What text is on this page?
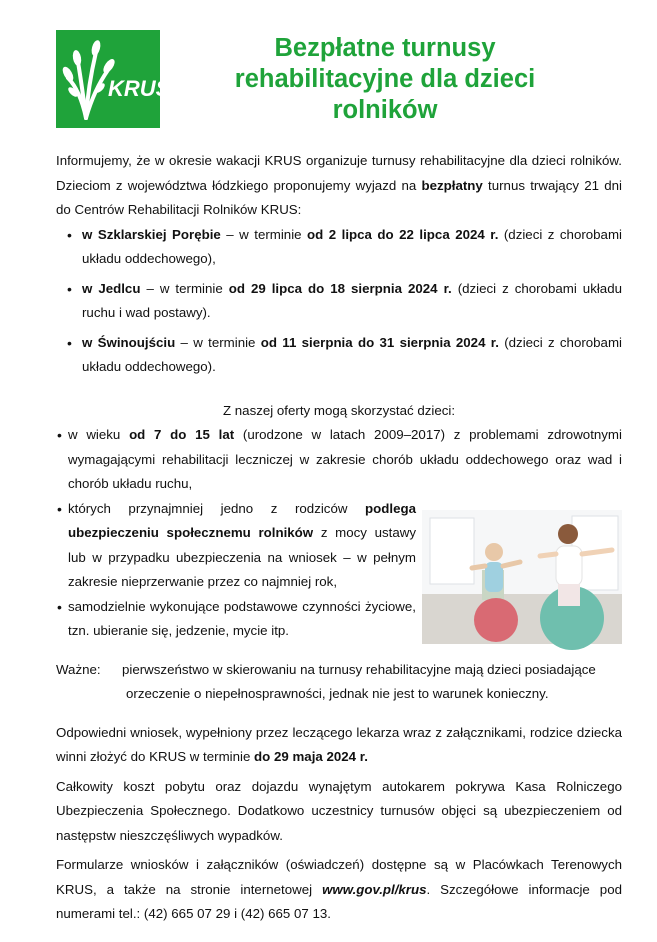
KRUS
Bezpłatne turnusy rehabilitacyjne dla dzieci rolników

Informujemy, że w okresie wakacji KRUS organizuje turnusy rehabilitacyjne dla dzieci rolników. Dzieciom z województwa łódzkiego proponujemy wyjazd na bezpłatny turnus trwający 21 dni do Centrów Rehabilitacji Rolników KRUS:

• w Szklarskiej Porębie – w terminie od 2 lipca do 22 lipca 2024 r. (dzieci z chorobami układu oddechowego),
• w Jedlcu – w terminie od 29 lipca do 18 sierpnia 2024 r. (dzieci z chorobami układu ruchu i wad postawy).
• w Świnoujściu – w terminie od 11 sierpnia do 31 sierpnia 2024 r. (dzieci z chorobami układu oddechowego).

Z naszej oferty mogą skorzystać dzieci:

• w wieku od 7 do 15 lat (urodzone w latach 2009–2017) z problemami zdrowotnymi wymagającymi rehabilitacji leczniczej w zakresie chorób układu oddechowego oraz wad i chorób układu ruchu,
• których przynajmniej jedno z rodziców podlega ubezpieczeniu społecznemu rolników z mocy ustawy lub w przypadku ubezpieczenia na wniosek – w pełnym zakresie nieprzerwanie przez co najmniej rok,
• samodzielnie wykonujące podstawowe czynności życiowe, tzn. ubieranie się, jedzenie, mycie itp.
Ważne:	pierwszeństwo w skierowaniu na turnusy rehabilitacyjne mają dzieci posiadające
orzeczenie o niepełnosprawności, jednak nie jest to warunek konieczny.

Odpowiedni wniosek, wypełniony przez leczącego lekarza wraz z załącznikami, rodzice dziecka winni złożyć do KRUS w terminie do 29 maja 2024 r.

Całkowity koszt pobytu oraz dojazdu wynajętym autokarem pokrywa Kasa Rolniczego Ubezpieczenia Społecznego. Dodatkowo uczestnicy turnusów objęci są ubezpieczeniem od następstw nieszczęśliwych wypadków.

Formularze wniosków i załączników (oświadczeń) dostępne są w Placówkach Terenowych KRUS, a także na stronie internetowej www.gov.pl/krus. Szczegółowe informacje pod numerami tel.: (42) 665 07 29 i (42) 665 07 13.
